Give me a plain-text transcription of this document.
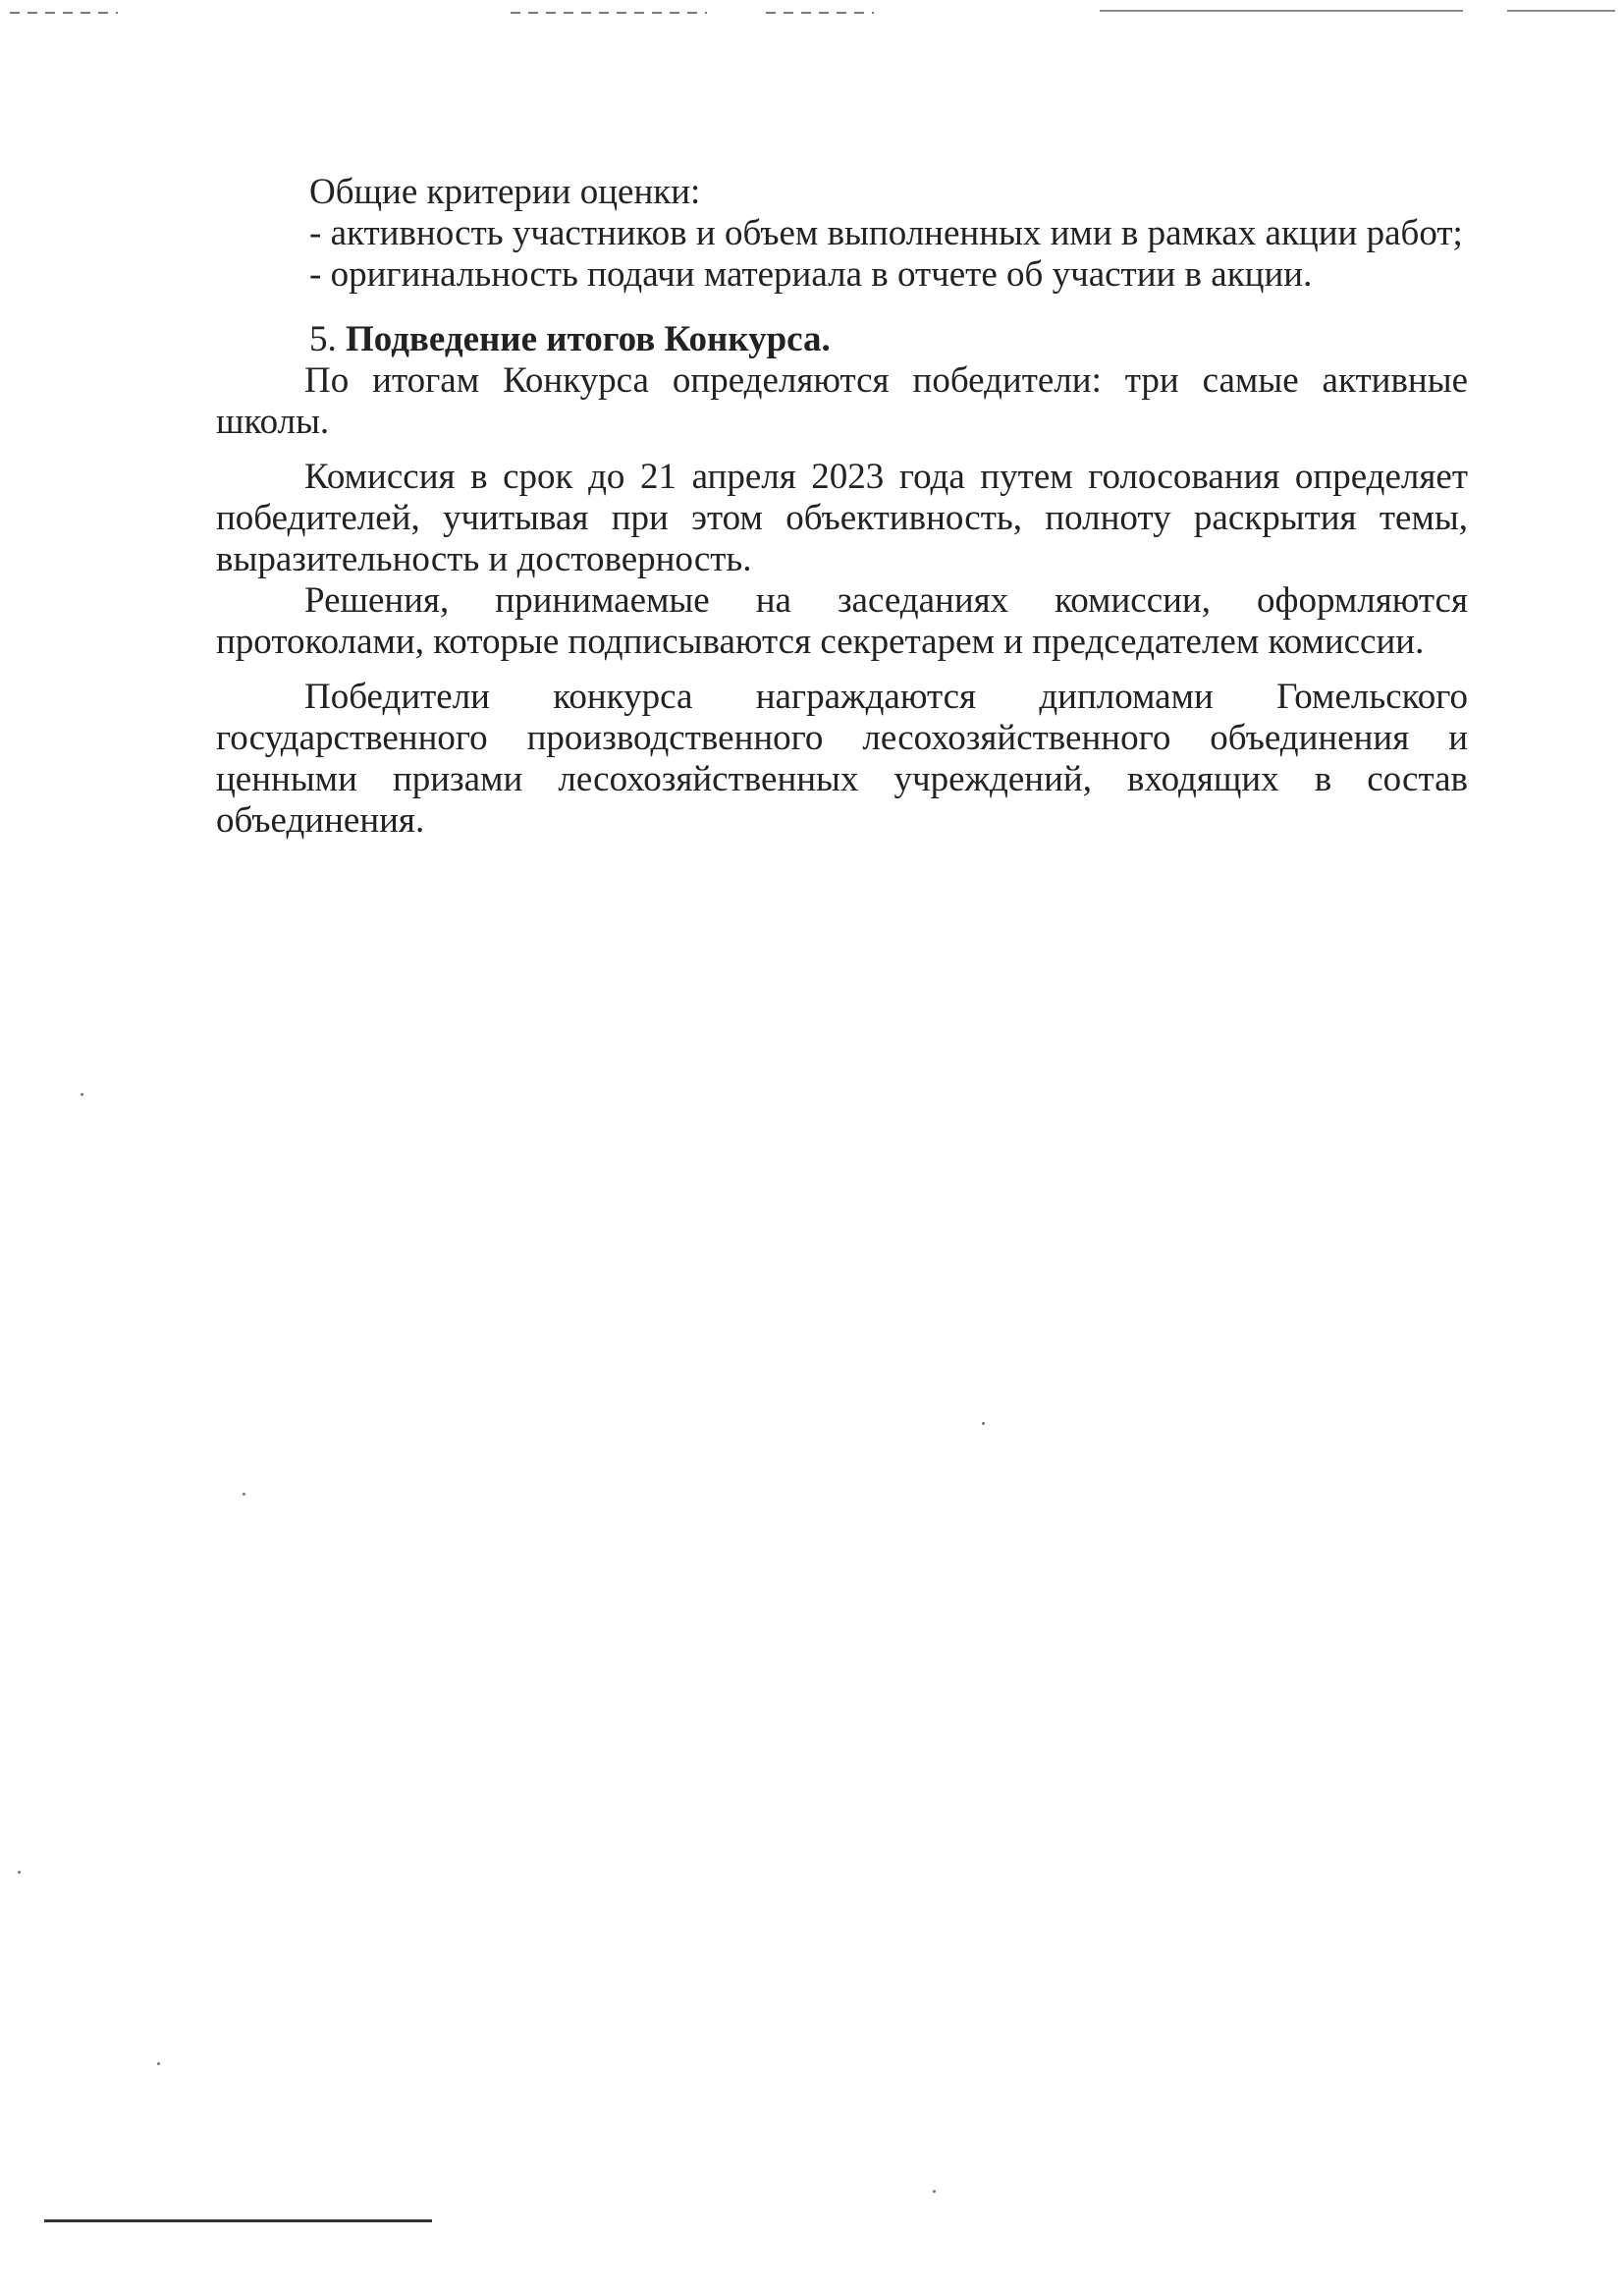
Общие критерии оценки:

- активность участников и объем выполненных ими в рамках акции работ;

- оригинальность подачи материала в отчете об участии в акции.

5. Подведение итогов Конкурса.

По итогам Конкурса определяются победители: три самые активные школы.

Комиссия в срок до 21 апреля 2023 года путем голосования определяет победителей, учитывая при этом объективность, полноту раскрытия темы, выразительность и достоверность.

Решения, принимаемые на заседаниях комиссии, оформляются протоколами, которые подписываются секретарем и председателем комиссии.

Победители конкурса награждаются дипломами Гомельского государственного производственного лесохозяйственного объединения и ценными призами лесохозяйственных учреждений, входящих в состав объединения.
